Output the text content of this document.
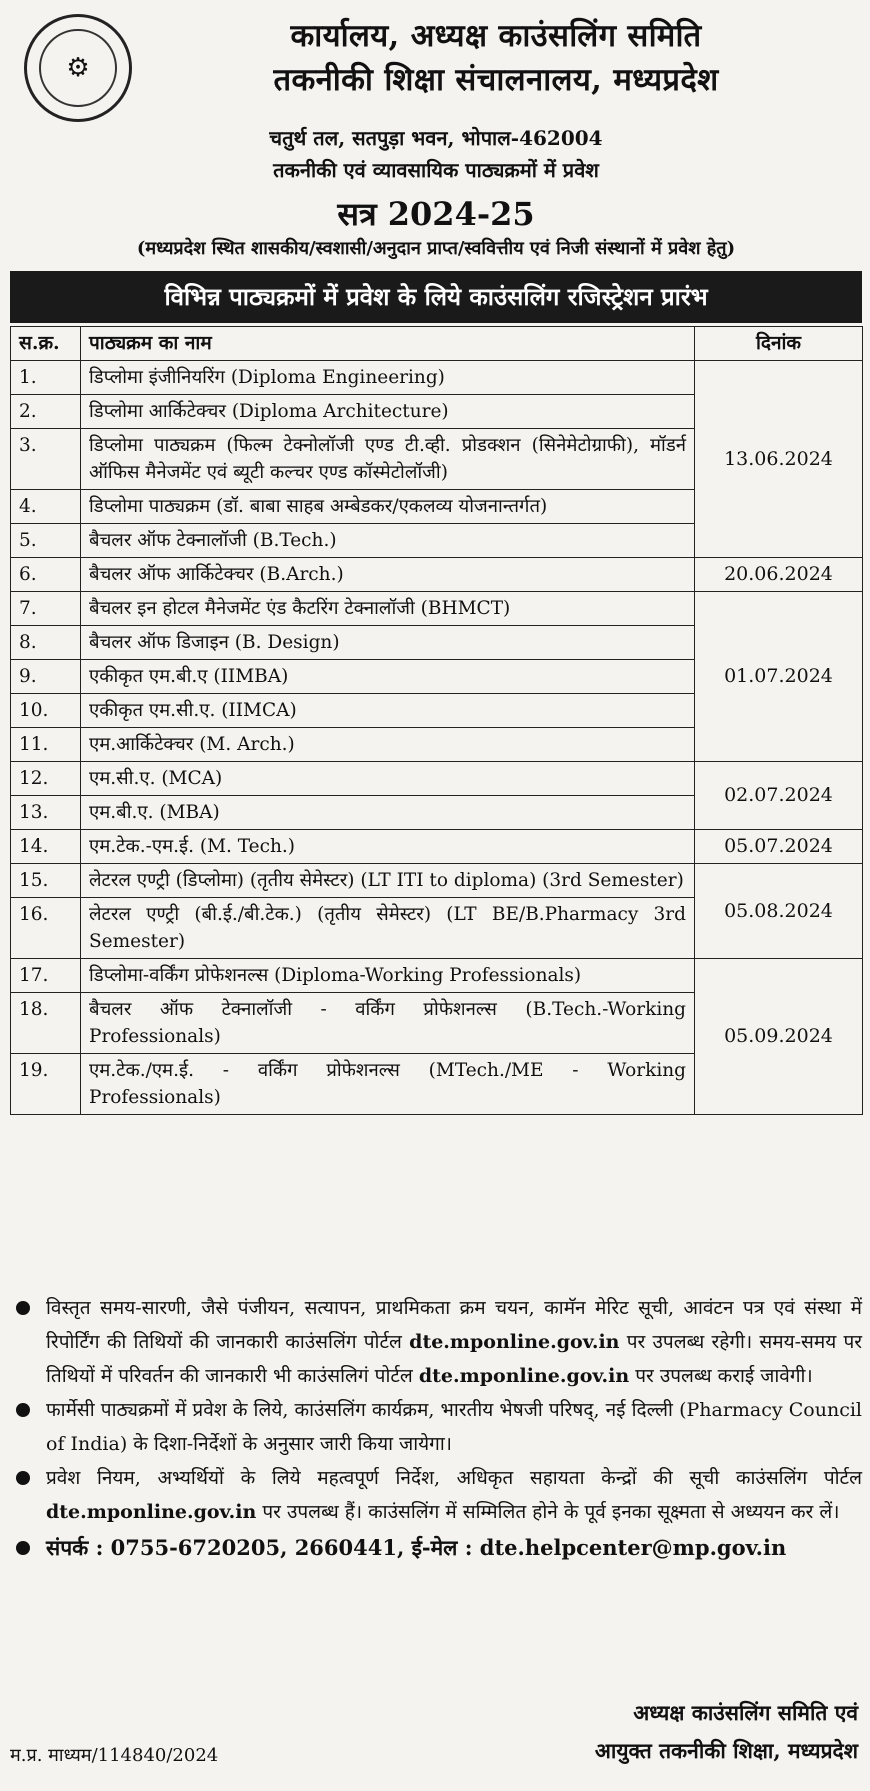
⚙
कार्यालय, अध्यक्ष काउंसलिंग समिति
तकनीकी शिक्षा संचालनालय, मध्यप्रदेश
चतुर्थ तल, सतपुड़ा भवन, भोपाल-462004
तकनीकी एवं व्यावसायिक पाठ्यक्रमों में प्रवेश
सत्र 2024-25
(मध्यप्रदेश स्थित शासकीय/स्वशासी/अनुदान प्राप्त/स्ववित्तीय एवं निजी संस्थानों में प्रवेश हेतु)
विभिन्न पाठ्यक्रमों में प्रवेश के लिये काउंसलिंग रजिस्ट्रेशन प्रारंभ
स.क्र.	पाठ्यक्रम का नाम	दिनांक
1.	डिप्लोमा इंजीनियरिंग (Diploma Engineering)	13.06.2024
2.	डिप्लोमा आर्किटेक्चर (Diploma Architecture)	
3.	डिप्लोमा पाठ्यक्रम (फिल्म टेक्नोलॉजी एण्ड टी.व्ही. प्रोडक्शन (सिनेमेटोग्राफी), मॉडर्न ऑफिस मैनेजमेंट एवं ब्यूटी कल्चर एण्ड कॉस्मेटोलॉजी)	
4.	डिप्लोमा पाठ्यक्रम (डॉ. बाबा साहब अम्बेडकर/एकलव्य योजनान्तर्गत)	
5.	बैचलर ऑफ टेक्नालॉजी (B.Tech.)	
6.	बैचलर ऑफ आर्किटेक्चर (B.Arch.)	20.06.2024
7.	बैचलर इन होटल मैनेजमेंट एंड कैटरिंग टेक्नालॉजी (BHMCT)	01.07.2024
8.	बैचलर ऑफ डिजाइन (B. Design)	
9.	एकीकृत एम.बी.ए (IIMBA)	
10.	एकीकृत एम.सी.ए. (IIMCA)	
11.	एम.आर्किटेक्चर (M. Arch.)	
12.	एम.सी.ए. (MCA)	02.07.2024
13.	एम.बी.ए. (MBA)	
14.	एम.टेक.-एम.ई. (M. Tech.)	05.07.2024
15.	लेटरल एण्ट्री (डिप्लोमा) (तृतीय सेमेस्टर) (LT ITI to diploma) (3rd Semester)	05.08.2024
16.	लेटरल एण्ट्री (बी.ई./बी.टेक.) (तृतीय सेमेस्टर) (LT BE/B.Pharmacy 3rd Semester)	
17.	डिप्लोमा-वर्किंग प्रोफेशनल्स (Diploma-Working Professionals)	05.09.2024
18.	बैचलर ऑफ टेक्नालॉजी - वर्किंग प्रोफेशनल्स (B.Tech.-Working Professionals)	
19.	एम.टेक./एम.ई. - वर्किंग प्रोफेशनल्स (MTech./ME - Working Professionals)	
विस्तृत समय-सारणी, जैसे पंजीयन, सत्यापन, प्राथमिकता क्रम चयन, कामॅन मेरिट सूची, आवंटन पत्र एवं संस्था में रिपोर्टिंग की तिथियों की जानकारी काउंसलिंग पोर्टल dte.mponline.gov.in पर उपलब्ध रहेगी। समय-समय पर तिथियों में परिवर्तन की जानकारी भी काउंसलिगं पोर्टल dte.mponline.gov.in पर उपलब्ध कराई जावेगी।
फार्मेसी पाठ्यक्रमों में प्रवेश के लिये, काउंसलिंग कार्यक्रम, भारतीय भेषजी परिषद्, नई दिल्ली (Pharmacy Council of India) के दिशा-निर्देशों के अनुसार जारी किया जायेगा।
प्रवेश नियम, अभ्यर्थियों के लिये महत्वपूर्ण निर्देश, अधिकृत सहायता केन्द्रों की सूची काउंसलिंग पोर्टल dte.mponline.gov.in पर उपलब्ध हैं। काउंसलिंग में सम्मिलित होने के पूर्व इनका सूक्ष्मता से अध्ययन कर लें।
संपर्क : 0755-6720205, 2660441, ई-मेल : dte.helpcenter@mp.gov.in
अध्यक्ष काउंसलिंग समिति एवं
म.प्र. माध्यम/114840/2024	आयुक्त तकनीकी शिक्षा, मध्यप्रदेश
